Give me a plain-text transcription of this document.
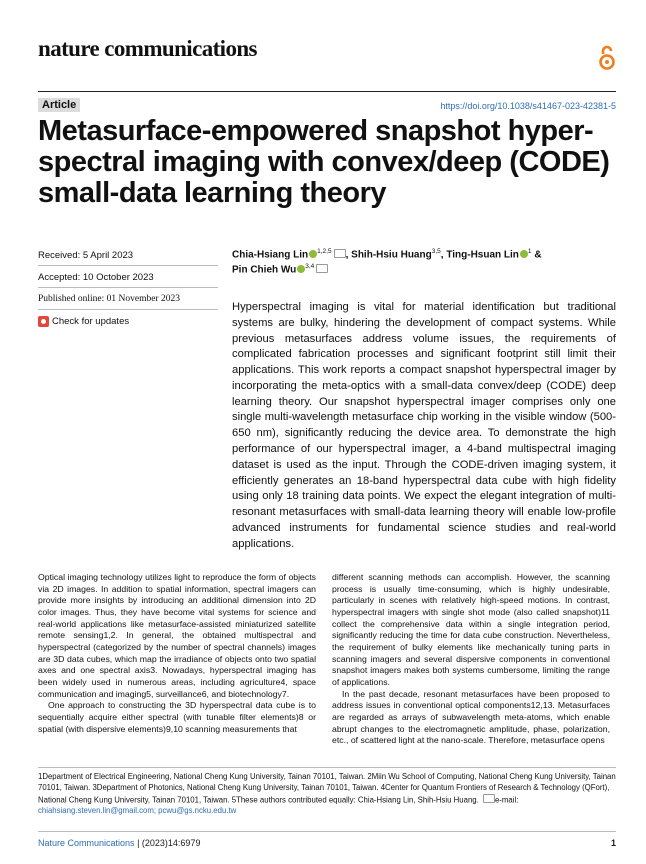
nature communications
Article	https://doi.org/10.1038/s41467-023-42381-5
Metasurface-empowered snapshot hyper-spectral imaging with convex/deep (CODE) small-data learning theory
Received: 5 April 2023
Accepted: 10 October 2023
Published online: 01 November 2023
Check for updates
Chia-Hsiang Lin $^{1,2,5}$ , Shih-Hsiu Huang$^{3,5}$, Ting-Hsuan Lin $^1$ &
Pin Chieh Wu $^{3,4}$
Hyperspectral imaging is vital for material identification but traditional systems are bulky, hindering the development of compact systems. While previous metasurfaces address volume issues, the requirements of complicated fabrication processes and significant footprint still limit their applications. This work reports a compact snapshot hyperspectral imager by incorporating the meta-optics with a small-data convex/deep (CODE) deep learning theory. Our snapshot hyperspectral imager comprises only one single multi-wavelength metasurface chip working in the visible window (500-650 nm), significantly reducing the device area. To demonstrate the high performance of our hyperspectral imager, a 4-band multispectral imaging dataset is used as the input. Through the CODE-driven imaging system, it efficiently generates an 18-band hyperspectral data cube with high fidelity using only 18 training data points. We expect the elegant integration of multi-resonant metasurfaces with small-data learning theory will enable low-profile advanced instruments for fundamental science studies and real-world applications.

Optical imaging technology utilizes light to reproduce the form of objects via 2D images. In addition to spatial information, spectral imagers can provide more insights by introducing an additional dimension into 2D color images. Thus, they have become vital systems for science and real-world applications like metasurface-assisted miniaturized satellite remote sensing1,2. In general, the obtained multispectral and hyperspectral (categorized by the number of spectral channels) images are 3D data cubes, which map the irradiance of objects onto two spatial axes and one spectral axis3. Nowadays, hyperspectral imaging has been widely used in numerous areas, including agriculture4, space communication and imaging5, surveillance6, and biotechnology7.

One approach to constructing the 3D hyperspectral data cube is to sequentially acquire either spectral (with tunable filter elements)8 or spatial (with dispersive elements)9,10 scanning measurements that

different scanning methods can accomplish. However, the scanning process is usually time-consuming, which is highly undesirable, particularly in scenes with relatively high-speed motions. In contrast, hyperspectral imagers with single shot mode (also called snapshot)11 collect the comprehensive data within a single integration period, significantly reducing the time for data cube construction. Nevertheless, the requirement of bulky elements like mechanically tuning parts in scanning imagers and several dispersive components in conventional snapshot imagers makes both systems cumbersome, limiting the range of applications.

In the past decade, resonant metasurfaces have been proposed to address issues in conventional optical components12,13. Metasurfaces are regarded as arrays of subwavelength meta-atoms, which enable abrupt changes to the electromagnetic amplitude, phase, polarization, etc., of scattered light at the nano-scale. Therefore, metasurface opens

1Department of Electrical Engineering, National Cheng Kung University, Tainan 70101, Taiwan. 2Miin Wu School of Computing, National Cheng Kung University, Tainan 70101, Taiwan. 3Department of Photonics, National Cheng Kung University, Tainan 70101, Taiwan. 4Center for Quantum Frontiers of Research & Technology (QFort), National Cheng Kung University, Tainan 70101, Taiwan. 5These authors contributed equally: Chia-Hsiang Lin, Shih-Hsiu Huang. e-mail: chiahsiang.steven.lin@gmail.com; pcwu@gs.ncku.edu.tw
Nature Communications | (2023)14:6979	1
